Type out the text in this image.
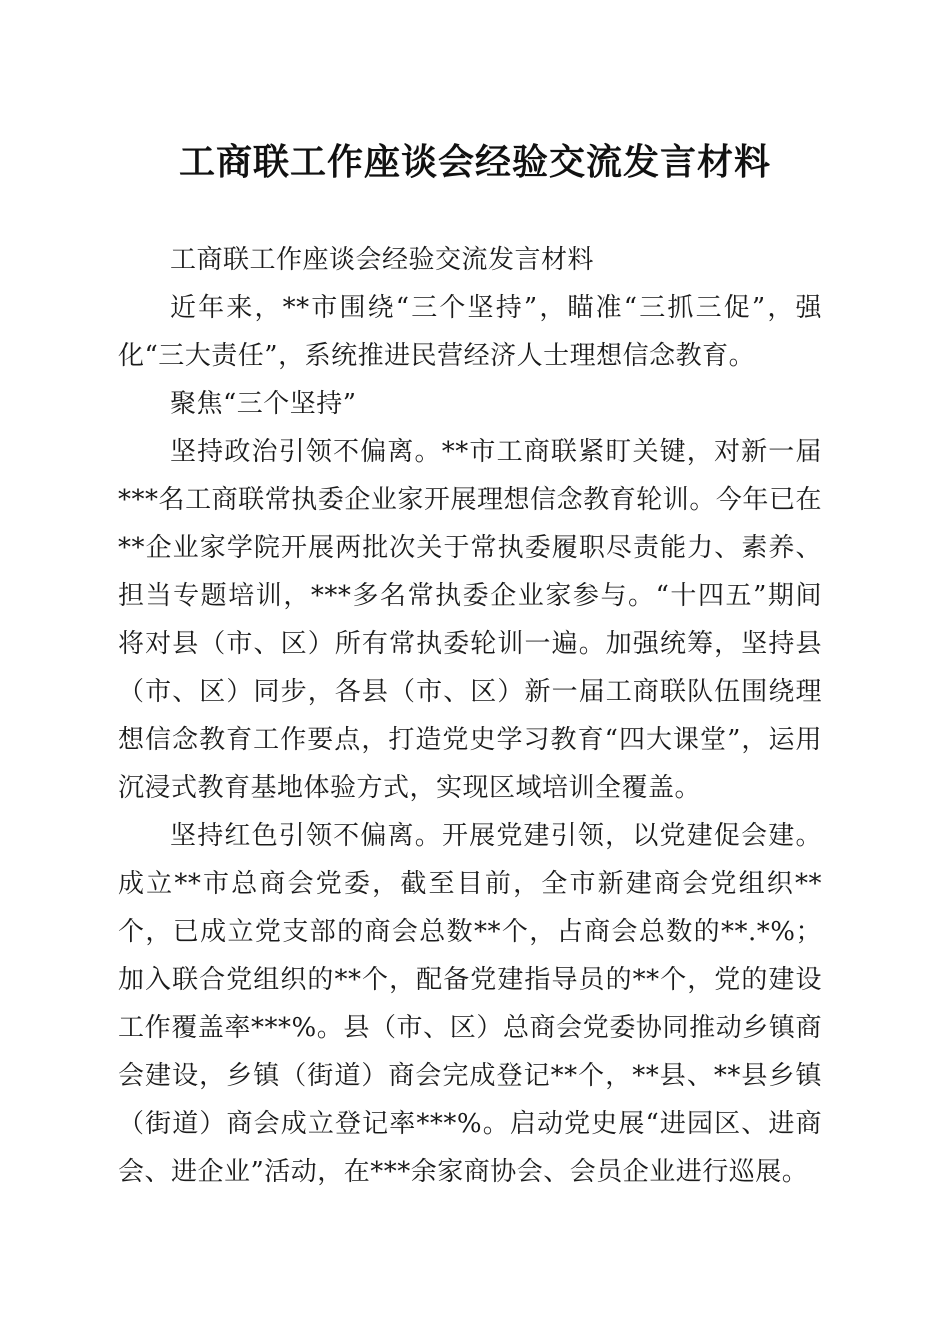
工商联工作座谈会经验交流发言材料

工商联工作座谈会经验交流发言材料

近年来，**市围绕“三个坚持”，瞄准“三抓三促”，强化“三大责任”，系统推进民营经济人士理想信念教育。

聚焦“三个坚持”

坚持政治引领不偏离。**市工商联紧盯关键，对新一届***名工商联常执委企业家开展理想信念教育轮训。今年已在**企业家学院开展两批次关于常执委履职尽责能力、素养、担当专题培训，***多名常执委企业家参与。“十四五”期间将对县（市、区）所有常执委轮训一遍。加强统筹，坚持县（市、区）同步，各县（市、区）新一届工商联队伍围绕理想信念教育工作要点，打造党史学习教育“四大课堂”，运用沉浸式教育基地体验方式，实现区域培训全覆盖。

坚持红色引领不偏离。开展党建引领，以党建促会建。成立**市总商会党委，截至目前，全市新建商会党组织**个，已成立党支部的商会总数**个，占商会总数的**.*%；加入联合党组织的**个，配备党建指导员的**个，党的建设工作覆盖率***%。县（市、区）总商会党委协同推动乡镇商会建设，乡镇（街道）商会完成登记**个，**县、**县乡镇（街道）商会成立登记率***%。启动党史展“进园区、进商会、进企业”活动，在***余家商协会、会员企业进行巡展。
